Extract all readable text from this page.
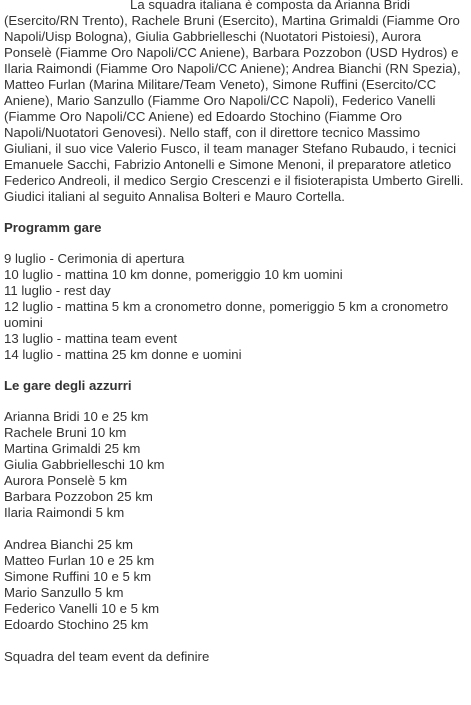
La squadra italiana è composta da Arianna Bridi (Esercito/RN Trento), Rachele Bruni (Esercito), Martina Grimaldi (Fiamme Oro Napoli/Uisp Bologna), Giulia Gabbrielleschi (Nuotatori Pistoiesi), Aurora Ponselè (Fiamme Oro Napoli/CC Aniene), Barbara Pozzobon (USD Hydros) e Ilaria Raimondi (Fiamme Oro Napoli/CC Aniene); Andrea Bianchi (RN Spezia), Matteo Furlan (Marina Militare/Team Veneto), Simone Ruffini (Esercito/CC Aniene), Mario Sanzullo (Fiamme Oro Napoli/CC Napoli), Federico Vanelli (Fiamme Oro Napoli/CC Aniene) ed Edoardo Stochino (Fiamme Oro Napoli/Nuotatori Genovesi). Nello staff, con il direttore tecnico Massimo Giuliani, il suo vice Valerio Fusco, il team manager Stefano Rubaudo, i tecnici Emanuele Sacchi, Fabrizio Antonelli e Simone Menoni, il preparatore atletico Federico Andreoli, il medico Sergio Crescenzi e il fisioterapista Umberto Girelli. Giudici italiani al seguito Annalisa Bolteri e Mauro Cortella.

Programm gare

9 luglio - Cerimonia di apertura
10 luglio - mattina 10 km donne, pomeriggio 10 km uomini
11 luglio - rest day
12 luglio - mattina 5 km a cronometro donne, pomeriggio 5 km a cronometro uomini
13 luglio - mattina team event
14 luglio - mattina 25 km donne e uomini

Le gare degli azzurri

Arianna Bridi 10 e 25 km
Rachele Bruni 10 km
Martina Grimaldi 25 km
Giulia Gabbrielleschi 10 km
Aurora Ponselè 5 km
Barbara Pozzobon 25 km
Ilaria Raimondi 5 km
Andrea Bianchi 25 km
Matteo Furlan 10 e 25 km
Simone Ruffini 10 e 5 km
Mario Sanzullo 5 km
Federico Vanelli 10 e 5 km
Edoardo Stochino 25 km

Squadra del team event da definire
